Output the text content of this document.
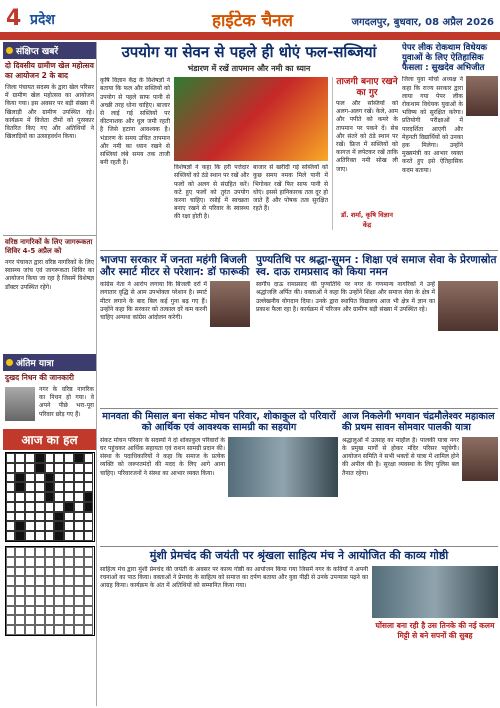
4 प्रदेश	हाईटेक चैनल	जगदलपुर, बुधवार, 08 अप्रैल 2026
संक्षिप्त खबरें
दो दिवसीय ग्रामीण खेल महोत्सव का आयोजन 2 के बाद
जिला पंचायत सदस्य के द्वारा खेल परिसर में ग्रामीण खेल महोत्सव का आयोजन किया गया। इस अवसर पर बड़ी संख्या में खिलाड़ी और ग्रामीण उपस्थित रहे। कार्यक्रम में विजेता टीमों को पुरस्कार वितरित किए गए और अतिथियों ने खिलाड़ियों का उत्साहवर्धन किया।
वरिष्ठ नागरिकों के लिए जागरूकता शिविर 4-5 अप्रैल को
नगर पंचायत द्वारा वरिष्ठ नागरिकों के लिए स्वास्थ्य जांच एवं जागरूकता शिविर का आयोजन किया जा रहा है जिसमें विशेषज्ञ डॉक्टर उपस्थित रहेंगे।
अंतिम यात्रा
दुखद निधन की जानकारी
नगर के वरिष्ठ नागरिक का निधन हो गया। वे अपने पीछे भरा-पूरा परिवार छोड़ गए हैं।
आज का हल
उपयोग या सेवन से पहले ही धोएं फल-सब्जियां
भंडारण में रखें तापमान और नमी का ध्यान
कृषि विज्ञान केंद्र के विशेषज्ञों ने बताया कि फल और सब्जियों को उपयोग से पहले साफ पानी से अच्छी तरह धोना चाहिए। बाजार से लाई गई सब्जियों पर कीटनाशक और धूल जमी रहती है जिसे हटाना आवश्यक है। भंडारण के समय उचित तापमान और नमी का ध्यान रखने से सब्जियां लंबे समय तक ताजी बनी रहती हैं।
विशेषज्ञों ने कहा कि हरी पत्तेदार सब्जियों को ठंडे स्थान पर रखें और फलों को अलग से संग्रहित करें। कटे हुए फलों को तुरंत उपयोग करना चाहिए। रसोई में स्वच्छता बनाए रखने से परिवार के स्वास्थ्य की रक्षा होती है।
बाजार से खरीदी गई सब्जियों को कुछ समय नमक मिले पानी में भिगोकर रखें फिर साफ पानी से धोएं। इससे हानिकारक तत्व दूर हो जाते हैं और पोषक तत्व सुरक्षित रहते हैं।
ताजगी बनाए रखने का गुर
फल और सब्जियों को अलग-अलग रखें। केले, आम और पपीते को कमरे के तापमान पर पकने दें। सेब और संतरे को ठंडे स्थान पर रखें। फ्रिज में सब्जियों को कागज में लपेटकर रखें ताकि अतिरिक्त नमी सोख ली जाए।
डॉ. शर्मा, कृषि विज्ञान केंद्र
पेपर लीक रोकथाम विधेयक युवाओं के लिए ऐतिहासिक फैसला : सुखदेव अभिजीत
जिला युवा मोर्चा अध्यक्ष ने कहा कि राज्य सरकार द्वारा लाया गया पेपर लीक रोकथाम विधेयक युवाओं के भविष्य को सुरक्षित करेगा। प्रतियोगी परीक्षाओं में पारदर्शिता आएगी और मेहनती विद्यार्थियों को उनका हक मिलेगा। उन्होंने मुख्यमंत्री का आभार व्यक्त करते हुए इसे ऐतिहासिक कदम बताया।
भाजपा सरकार में जनता महंगी बिजली और स्मार्ट मीटर से परेशान: डॉ फारूकी
कांग्रेस नेता ने आरोप लगाया कि बिजली दरों में लगातार वृद्धि से आम उपभोक्ता परेशान है। स्मार्ट मीटर लगाने के बाद बिल कई गुना बढ़ गए हैं। उन्होंने कहा कि सरकार को तत्काल दरें कम करनी चाहिए अन्यथा कांग्रेस आंदोलन करेगी।
पुण्यतिथि पर श्रद्धा-सुमन : शिक्षा एवं समाज सेवा के प्रेरणास्रोत स्व. दाऊ रामप्रसाद को किया नमन
स्वर्गीय दाऊ रामप्रसाद की पुण्यतिथि पर नगर के गणमान्य नागरिकों ने उन्हें श्रद्धांजलि अर्पित की। वक्ताओं ने कहा कि उन्होंने शिक्षा और समाज सेवा के क्षेत्र में उल्लेखनीय योगदान दिया। उनके द्वारा स्थापित विद्यालय आज भी क्षेत्र में ज्ञान का प्रकाश फैला रहा है। कार्यक्रम में परिजन और ग्रामीण बड़ी संख्या में उपस्थित रहे।
मानवता की मिसाल बना संकट मोचन परिवार, शोकाकुल दो परिवारों को आर्थिक एवं आवश्यक सामग्री का सहयोग
संकट मोचन परिवार के सदस्यों ने दो शोकाकुल परिवारों के घर पहुंचकर आर्थिक सहायता एवं राशन सामग्री प्रदान की। संस्था के पदाधिकारियों ने कहा कि समाज के प्रत्येक व्यक्ति को जरूरतमंदों की मदद के लिए आगे आना चाहिए। परिवारजनों ने संस्था का आभार व्यक्त किया।
आज निकलेगी भगवान चंद्रमौलेश्वर महाकाल की प्रथम सावन सोमवार पालकी यात्रा
श्रद्धालुओं में उत्साह का माहौल है। पालकी यात्रा नगर के प्रमुख मार्गों से होकर मंदिर परिसर पहुंचेगी। आयोजन समिति ने सभी भक्तों से यात्रा में शामिल होने की अपील की है। सुरक्षा व्यवस्था के लिए पुलिस बल तैनात रहेगा।
मुंशी प्रेमचंद की जयंती पर श्रृंखला साहित्य मंच ने आयोजित की काव्य गोष्ठी
साहित्य मंच द्वारा मुंशी प्रेमचंद की जयंती के अवसर पर काव्य गोष्ठी का आयोजन किया गया जिसमें नगर के कवियों ने अपनी रचनाओं का पाठ किया। वक्ताओं ने प्रेमचंद के साहित्य को समाज का दर्पण बताया और युवा पीढ़ी से उनके उपन्यास पढ़ने का आग्रह किया। कार्यक्रम के अंत में अतिथियों को सम्मानित किया गया।
घोंसला बना रही है उस तिनके की नई कलम
मिट्टी से बने सपनों की सुबह
